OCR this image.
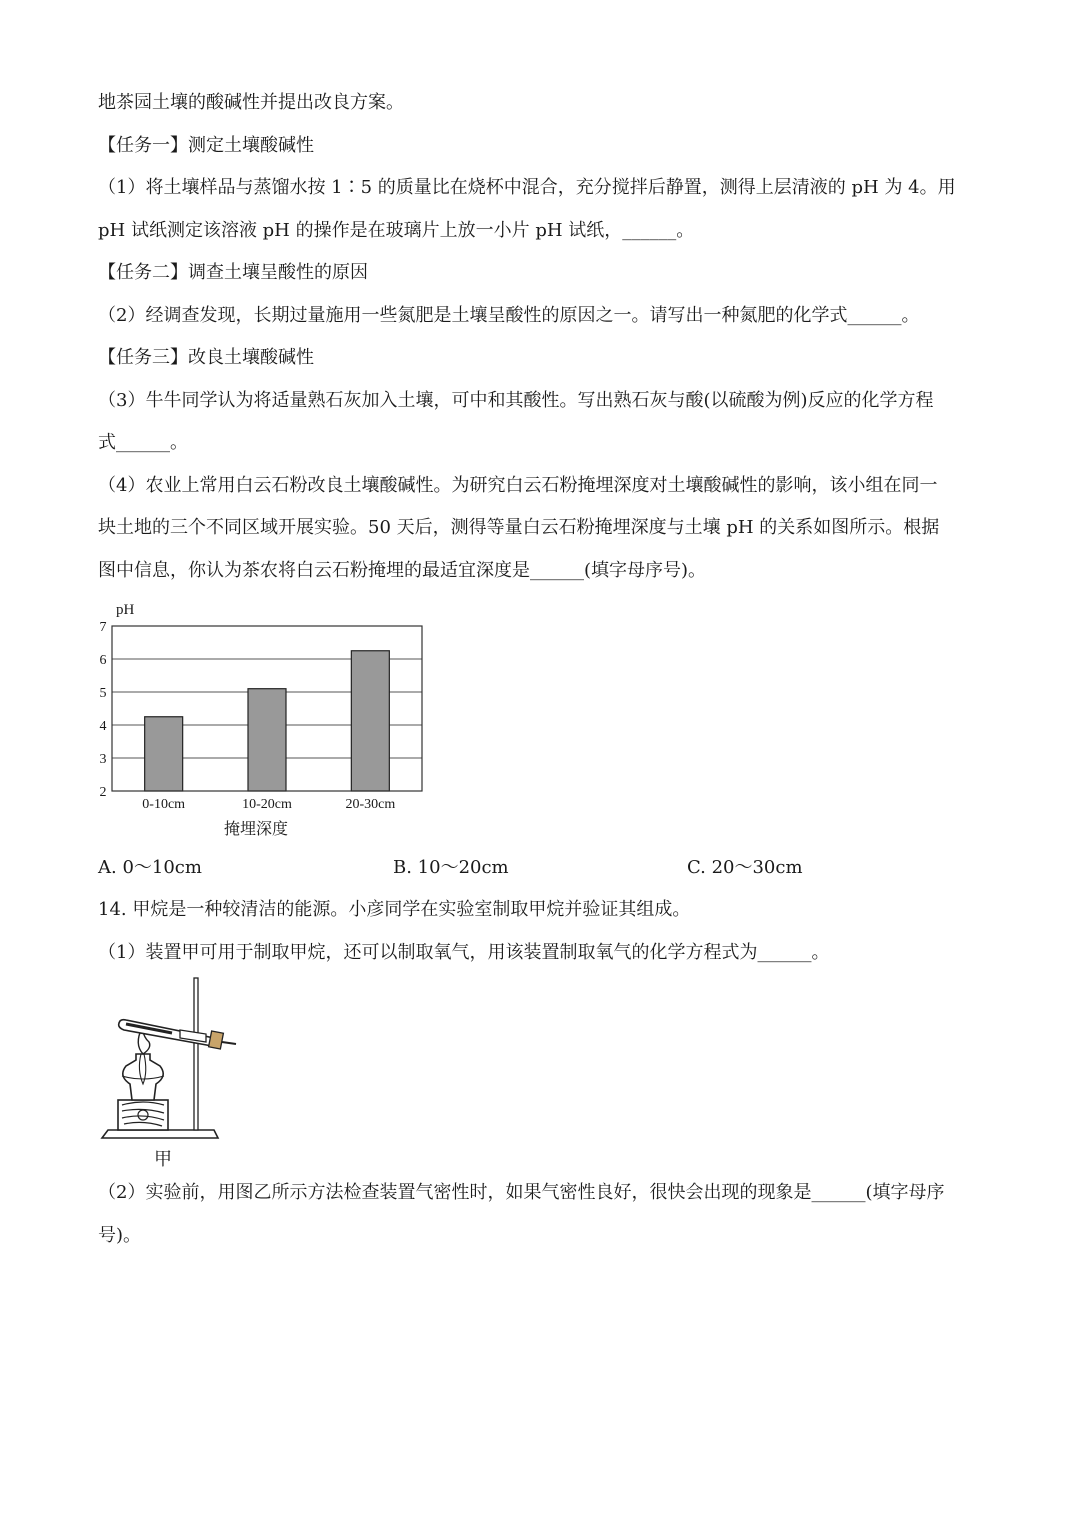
地茶园土壤的酸碱性并提出改良方案。
【任务一】测定土壤酸碱性
（1）将土壤样品与蒸馏水按 1∶5 的质量比在烧杯中混合，充分搅拌后静置，测得上层清液的 pH 为 4。用
pH 试纸测定该溶液 pH 的操作是在玻璃片上放一小片 pH 试纸，______。
【任务二】调查土壤呈酸性的原因
（2）经调查发现，长期过量施用一些氮肥是土壤呈酸性的原因之一。请写出一种氮肥的化学式______。
【任务三】改良土壤酸碱性
（3）牛牛同学认为将适量熟石灰加入土壤，可中和其酸性。写出熟石灰与酸(以硫酸为例)反应的化学方程
式______。
（4）农业上常用白云石粉改良土壤酸碱性。为研究白云石粉掩埋深度对土壤酸碱性的影响，该小组在同一
块土地的三个不同区域开展实验。50 天后，测得等量白云石粉掩埋深度与土壤 pH 的关系如图所示。根据
图中信息，你认为茶农将白云石粉掩埋的最适宜深度是______(填字母序号)。
pH
2
3
4
5
6
7
0-10cm	10-20cm	20-30cm
掩埋深度
A. 0～10cm	B. 10～20cm	C. 20～30cm
14. 甲烷是一种较清洁的能源。小彦同学在实验室制取甲烷并验证其组成。
（1）装置甲可用于制取甲烷，还可以制取氧气，用该装置制取氧气的化学方程式为______。
甲
（2）实验前，用图乙所示方法检查装置气密性时，如果气密性良好，很快会出现的现象是______(填字母序
号)。
